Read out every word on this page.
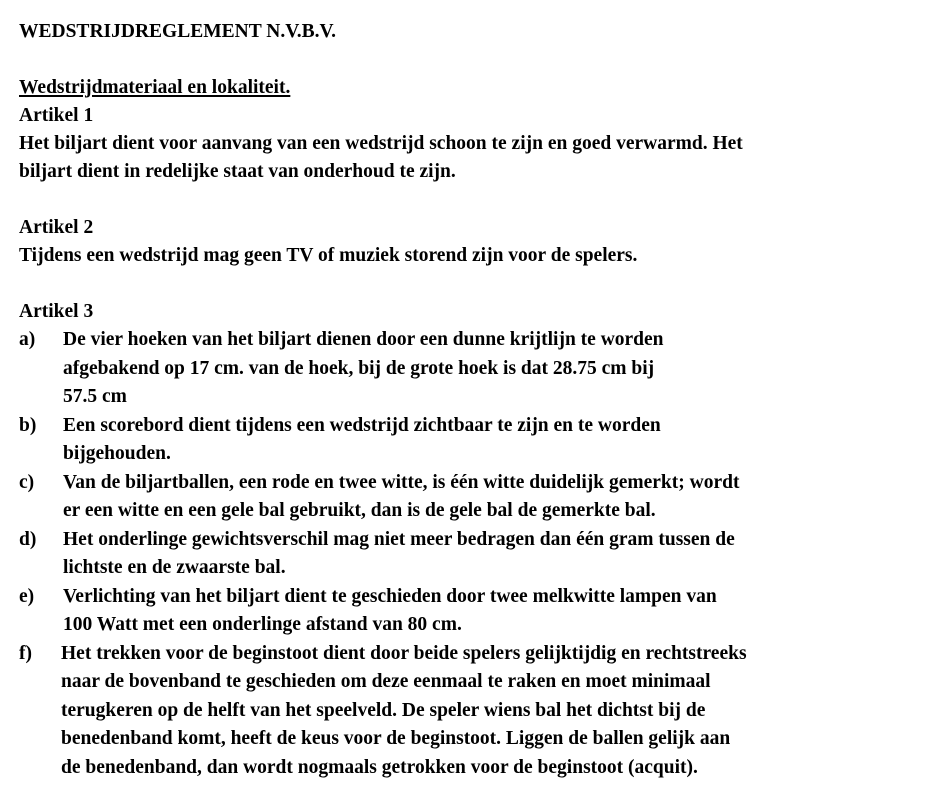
WEDSTRIJDREGLEMENT N.V.B.V.
Wedstrijdmateriaal en lokaliteit.
Artikel 1
Het biljart dient voor aanvang van een wedstrijd schoon te zijn en goed verwarmd. Het
biljart dient in redelijke staat van onderhoud te zijn.
Artikel 2
Tijdens een wedstrijd mag geen TV of muziek storend zijn voor de spelers.
Artikel 3
a)	De vier hoeken van het biljart dienen door een dunne krijtlijn te worden
afgebakend op 17 cm. van de hoek, bij de grote hoek is dat 28.75 cm bij
57.5 cm
b)	Een scorebord dient tijdens een wedstrijd zichtbaar te zijn en te worden
bijgehouden.
c)	Van de biljartballen, een rode en twee witte, is één witte duidelijk gemerkt; wordt
er een witte en een gele bal gebruikt, dan is de gele bal de gemerkte bal.
d)	Het onderlinge gewichtsverschil mag niet meer bedragen dan één gram tussen de
lichtste en de zwaarste bal.
e)	Verlichting van het biljart dient te geschieden door twee melkwitte lampen van
100 Watt met een onderlinge afstand van 80 cm.
f)	Het trekken voor de beginstoot dient door beide spelers gelijktijdig en rechtstreeks
naar de bovenband te geschieden om deze eenmaal te raken en moet minimaal
terugkeren op de helft van het speelveld. De speler wiens bal het dichtst bij de
benedenband komt, heeft de keus voor de beginstoot. Liggen de ballen gelijk aan
de benedenband, dan wordt nogmaals getrokken voor de beginstoot (acquit).
